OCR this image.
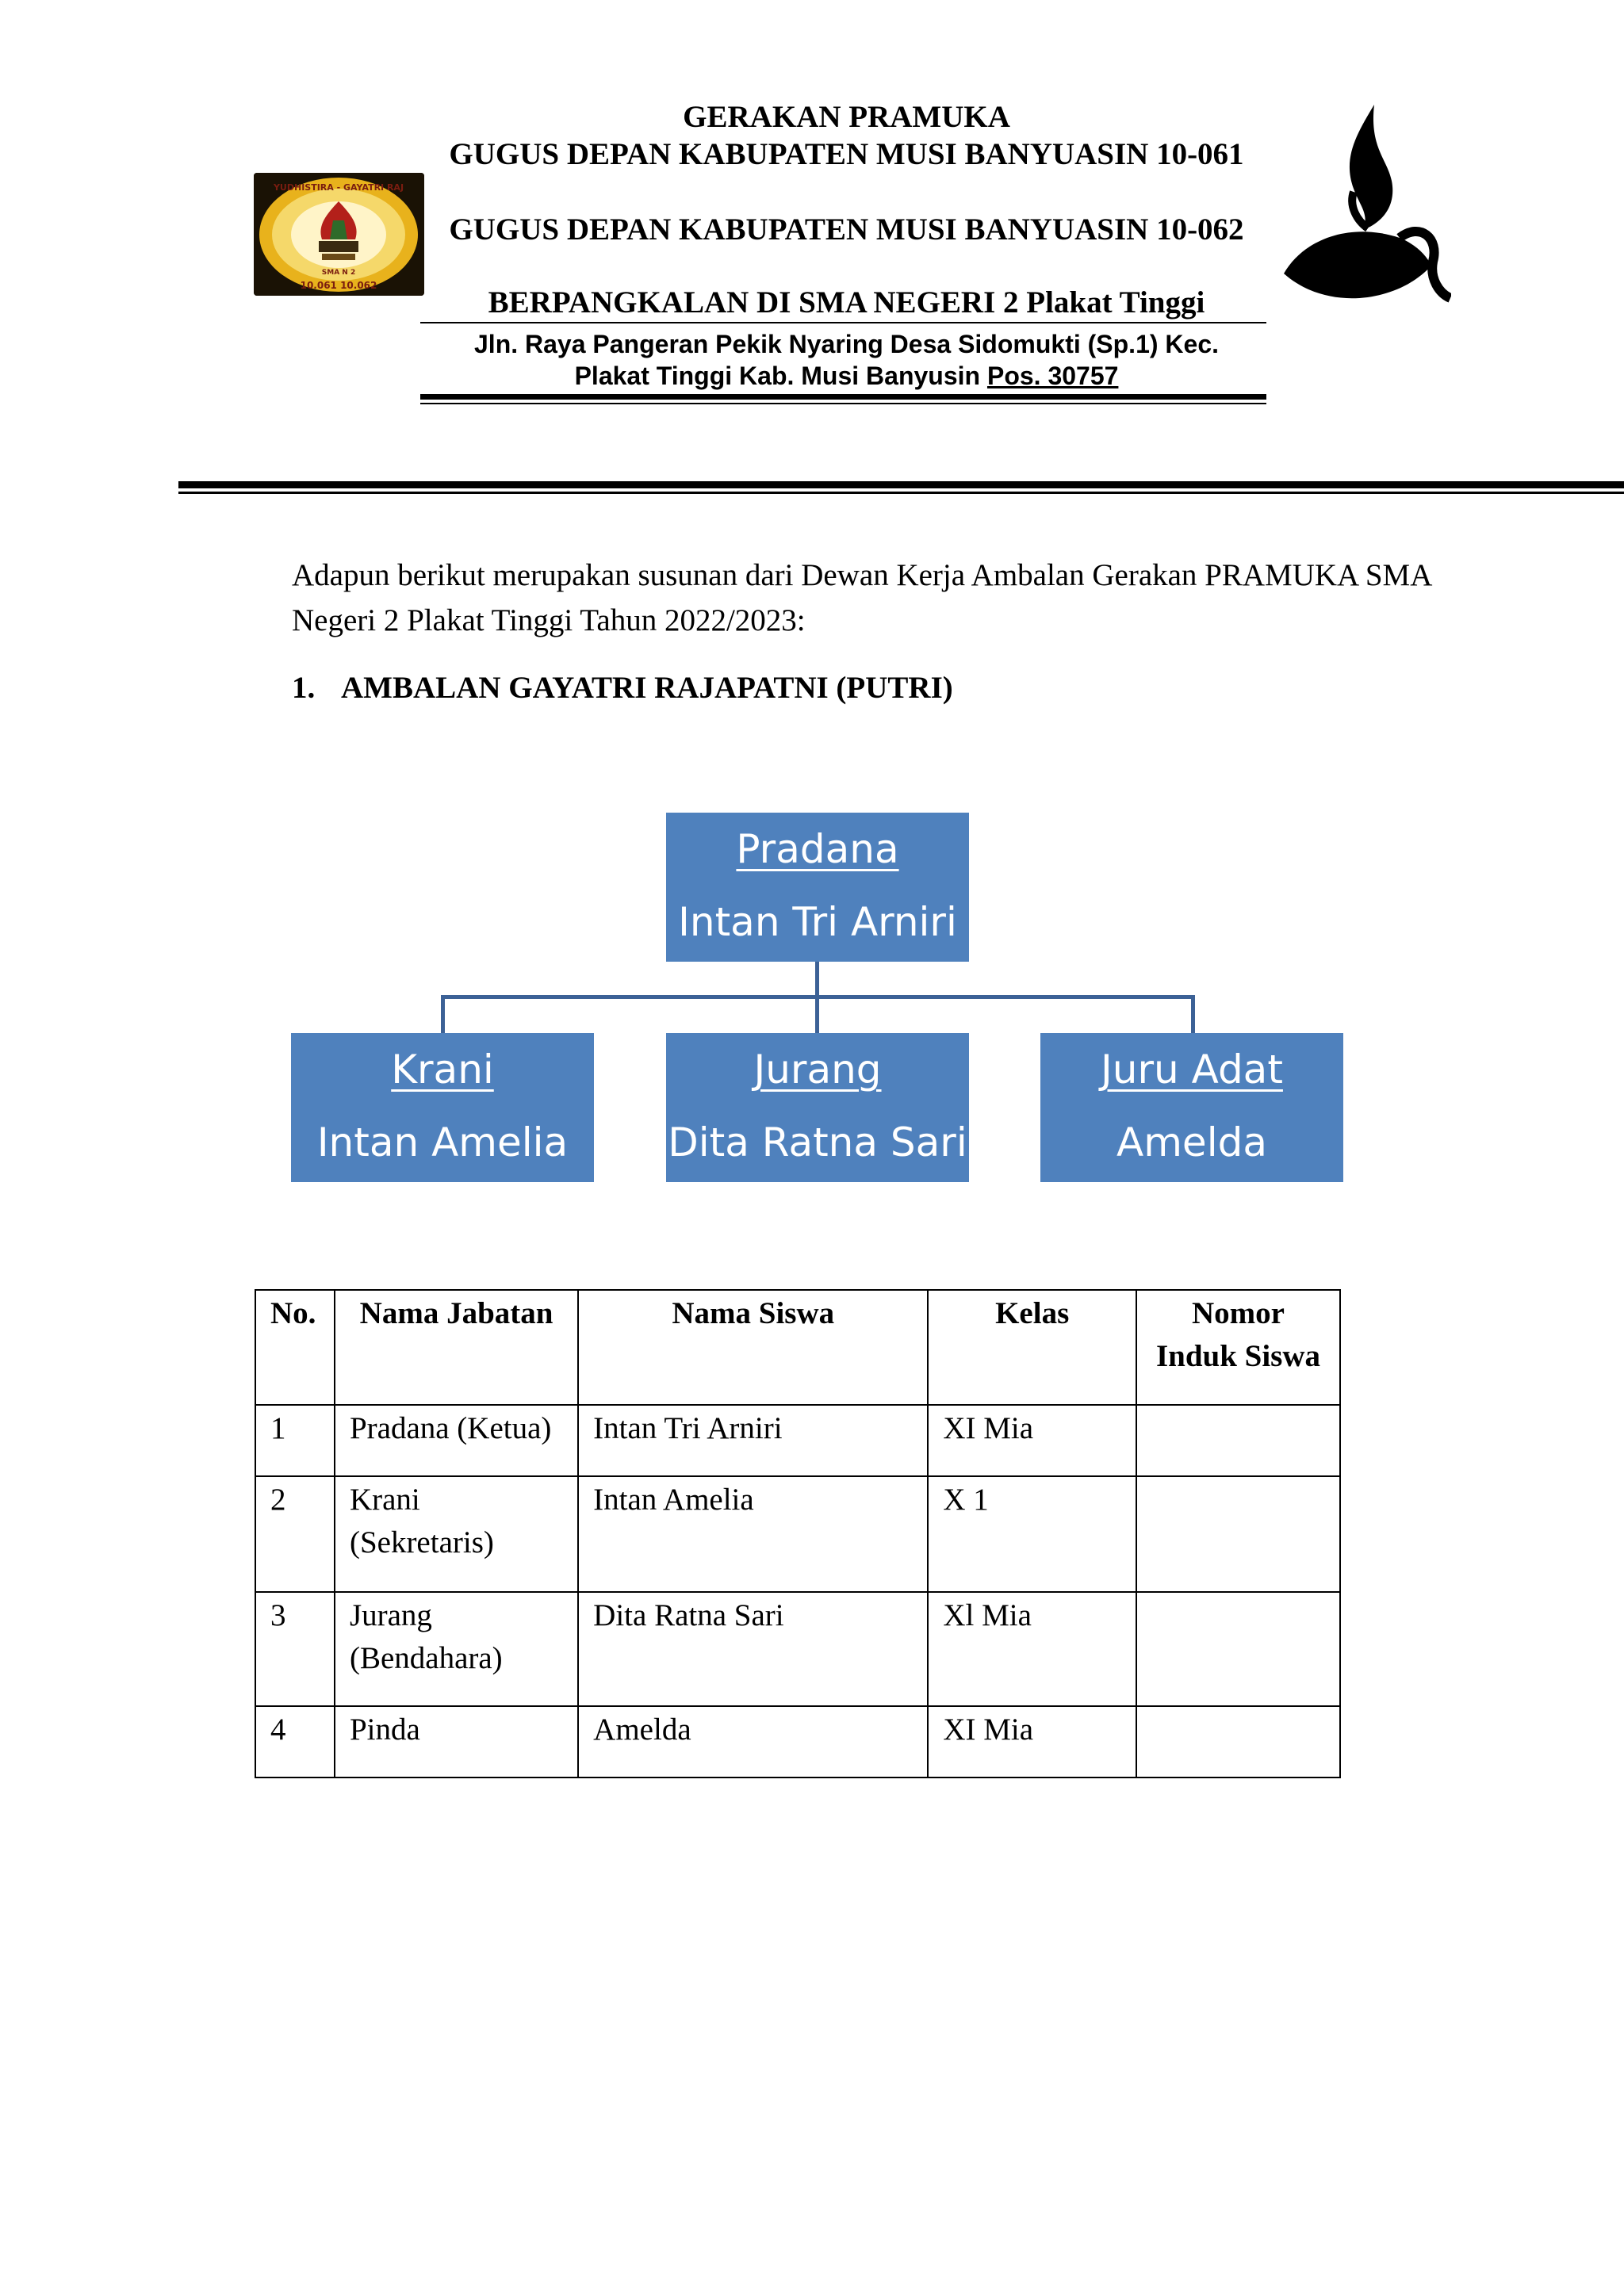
YUDHISTIRA - GAYATRI RAJ
SMA N 2
10.061 10.062
GERAKAN PRAMUKA
GUGUS DEPAN KABUPATEN MUSI BANYUASIN 10-061
GUGUS DEPAN KABUPATEN MUSI BANYUASIN 10-062
BERPANGKALAN DI SMA NEGERI 2 Plakat Tinggi
Jln. Raya Pangeran Pekik Nyaring Desa Sidomukti (Sp.1) Kec.
Plakat Tinggi Kab. Musi Banyusin Pos. 30757
Adapun berikut merupakan susunan dari Dewan Kerja Ambalan Gerakan PRAMUKA SMA Negeri 2 Plakat Tinggi Tahun 2022/2023:
1. AMBALAN GAYATRI RAJAPATNI (PUTRI)
Pradana
Intan Tri Arniri
Krani
Intan Amelia
Jurang
Dita Ratna Sari
Juru Adat
Amelda
No.	Nama Jabatan	Nama Siswa	Kelas	Nomor
Induk Siswa
1	Pradana (Ketua)	Intan Tri Arniri	XI Mia	
2	Krani
(Sekretaris)	Intan Amelia	X 1	
3	Jurang
(Bendahara)	Dita Ratna Sari	Xl Mia	
4	Pinda	Amelda	XI Mia	
